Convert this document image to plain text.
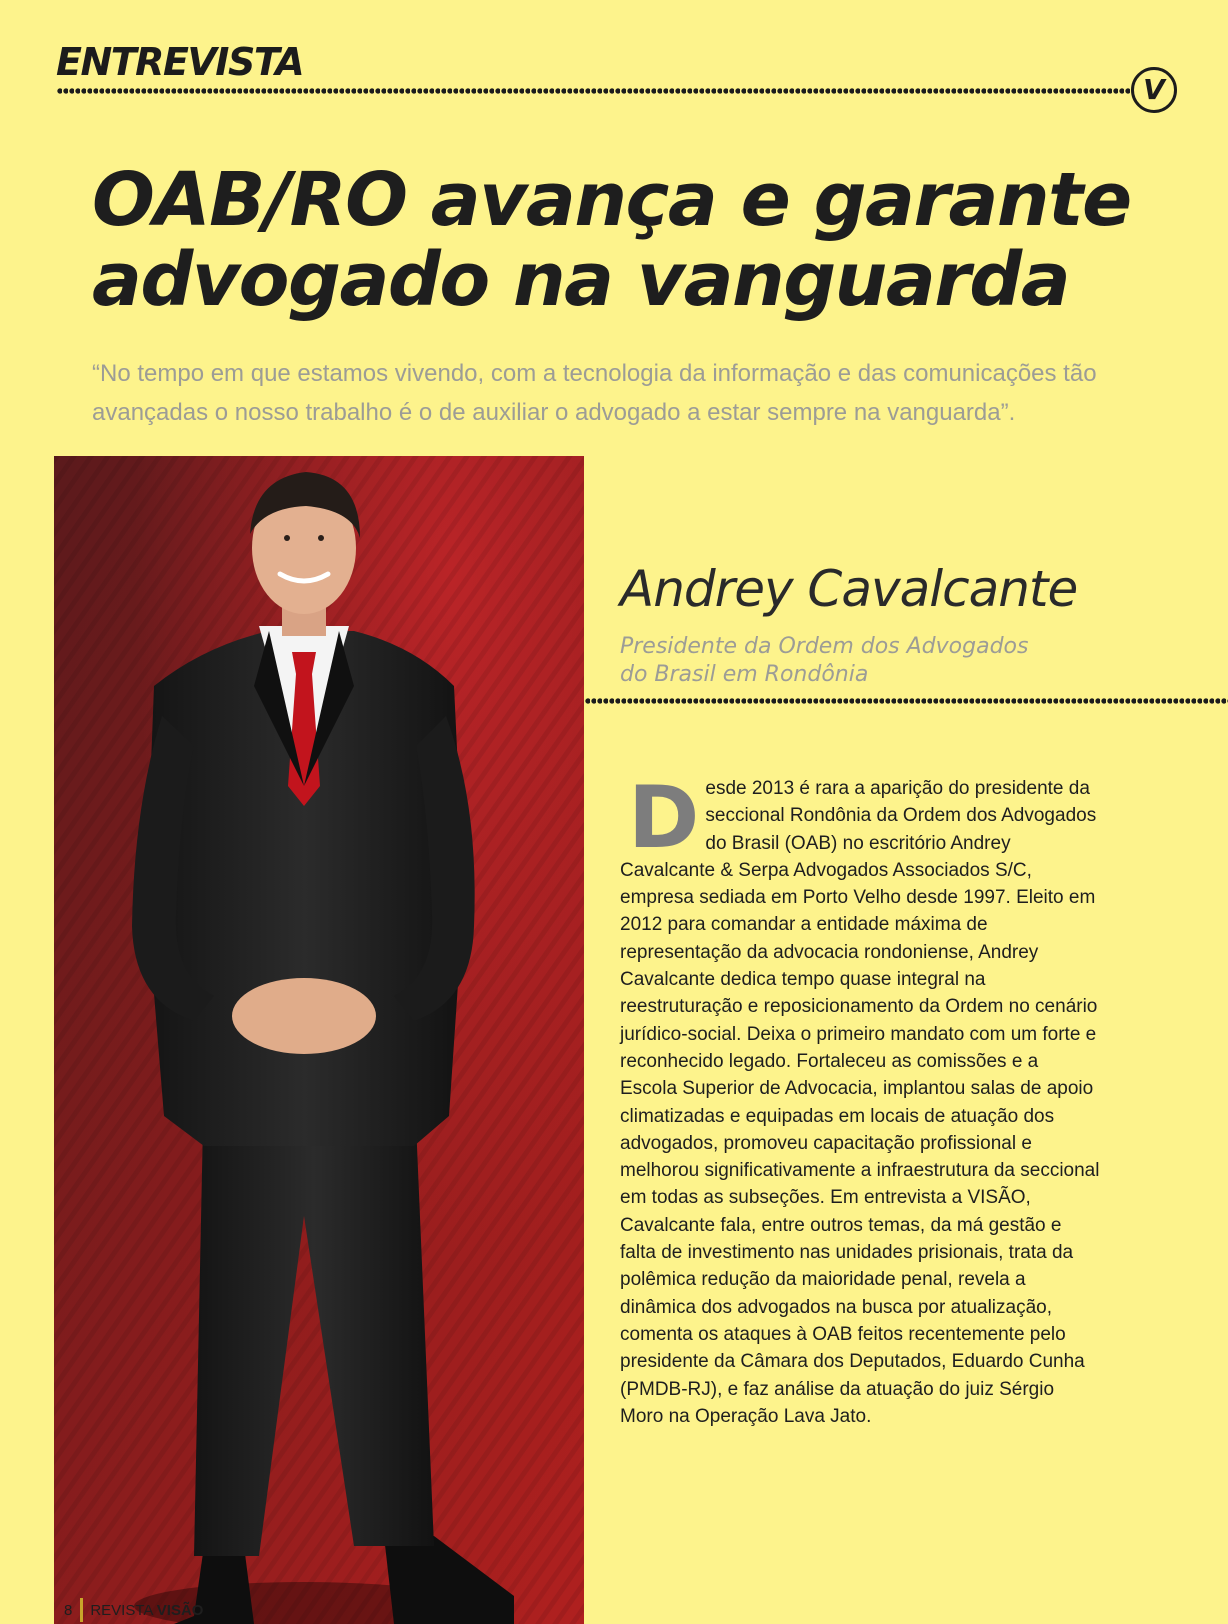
ENTREVISTA
V
OAB/RO avança e garante
advogado na vanguarda

“No tempo em que estamos vivendo, com a tecnologia da informação e das comunicações tão avançadas o nosso trabalho é o de auxiliar o advogado a estar sempre na vanguarda”.

Andrey Cavalcante
Presidente da Ordem dos Advogados
do Brasil em Rondônia

Desde 2013 é rara a aparição do presidente da seccional Rondônia da Ordem dos Advogados do Brasil (OAB) no escritório Andrey Cavalcante & Serpa Advogados Associados S/C, empresa sediada em Porto Velho desde 1997. Eleito em 2012 para comandar a entidade máxima de representação da advocacia rondoniense, Andrey Cavalcante dedica tempo quase integral na reestruturação e reposicionamento da Ordem no cenário jurídico-social. Deixa o primeiro mandato com um forte e reconhecido legado. Fortaleceu as comissões e a Escola Superior de Advocacia, implantou salas de apoio climatizadas e equipadas em locais de atuação dos advogados, promoveu capacitação profissional e melhorou significativamente a infraestrutura da seccional em todas as subseções. Em entrevista a VISÃO, Cavalcante fala, entre outros temas, da má gestão e falta de investimento nas unidades prisionais, trata da polêmica redução da maioridade penal, revela a dinâmica dos advogados na busca por atualização, comenta os ataques à OAB feitos recentemente pelo presidente da Câmara dos Deputados, Eduardo Cunha (PMDB-RJ), e faz análise da atuação do juiz Sérgio Moro na Operação Lava Jato.

8 REVISTA VISÃO
